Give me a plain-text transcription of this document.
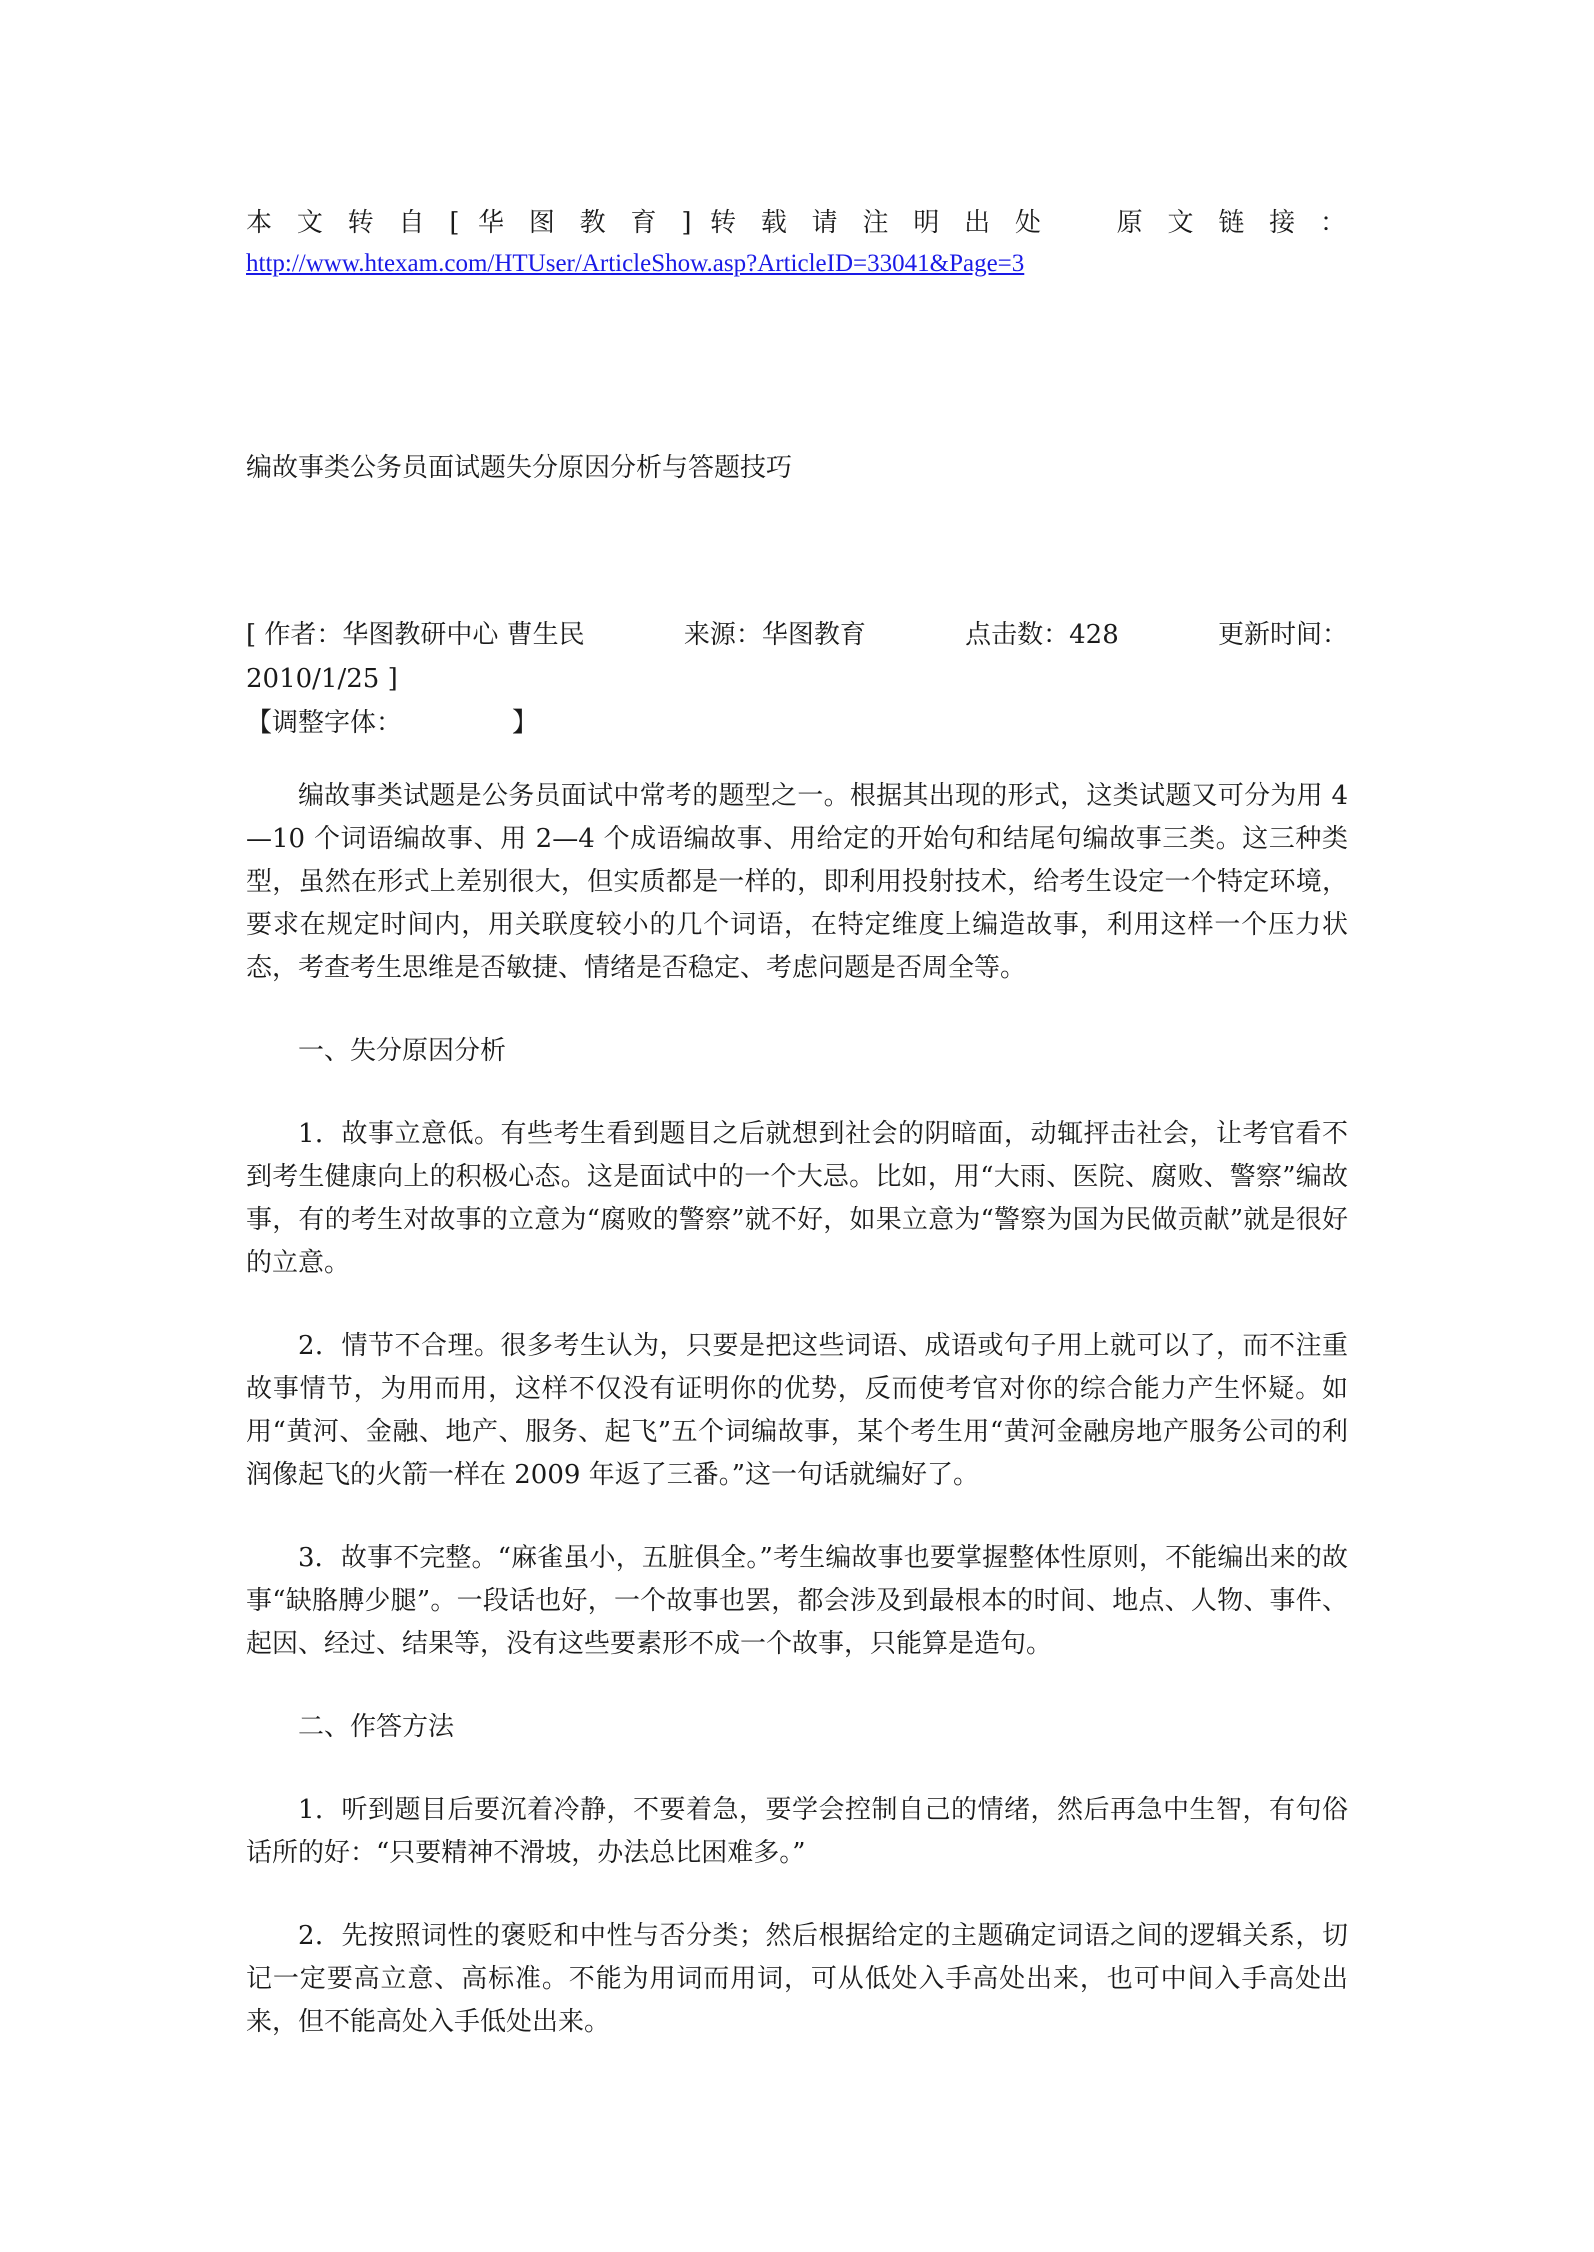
本 文 转 自 [ 华 图 教 育 ] 转 载 请 注 明 出 处 　 原 文 链 接 ：
http://www.htexam.com/HTUser/ArticleShow.asp?ArticleID=33041&Page=3
编故事类公务员面试题失分原因分析与答题技巧
[ 作者：华图教研中心 曹生民	来源：华图教育	点击数：428	更新时间：
2010/1/25 ]
【调整字体：	】

编故事类试题是公务员面试中常考的题型之一。根据其出现的形式，这类试题又可分为用 4—10 个词语编故事、用 2—4 个成语编故事、用给定的开始句和结尾句编故事三类。这三种类型，虽然在形式上差别很大，但实质都是一样的，即利用投射技术，给考生设定一个特定环境，要求在规定时间内，用关联度较小的几个词语，在特定维度上编造故事，利用这样一个压力状态，考查考生思维是否敏捷、情绪是否稳定、考虑问题是否周全等。

一、失分原因分析

1．故事立意低。有些考生看到题目之后就想到社会的阴暗面，动辄抨击社会，让考官看不到考生健康向上的积极心态。这是面试中的一个大忌。比如，用“大雨、医院、腐败、警察”编故事，有的考生对故事的立意为“腐败的警察”就不好，如果立意为“警察为国为民做贡献”就是很好的立意。

2．情节不合理。很多考生认为，只要是把这些词语、成语或句子用上就可以了，而不注重故事情节，为用而用，这样不仅没有证明你的优势，反而使考官对你的综合能力产生怀疑。如用“黄河、金融、地产、服务、起飞”五个词编故事，某个考生用“黄河金融房地产服务公司的利润像起飞的火箭一样在 2009 年返了三番。”这一句话就编好了。

3．故事不完整。“麻雀虽小，五脏俱全。”考生编故事也要掌握整体性原则，不能编出来的故事“缺胳膊少腿”。一段话也好，一个故事也罢，都会涉及到最根本的时间、地点、人物、事件、起因、经过、结果等，没有这些要素形不成一个故事，只能算是造句。

二、作答方法

1．听到题目后要沉着冷静，不要着急，要学会控制自己的情绪，然后再急中生智，有句俗话所的好：“只要精神不滑坡，办法总比困难多。”

2．先按照词性的褒贬和中性与否分类；然后根据给定的主题确定词语之间的逻辑关系，切记一定要高立意、高标准。不能为用词而用词，可从低处入手高处出来，也可中间入手高处出来，但不能高处入手低处出来。
